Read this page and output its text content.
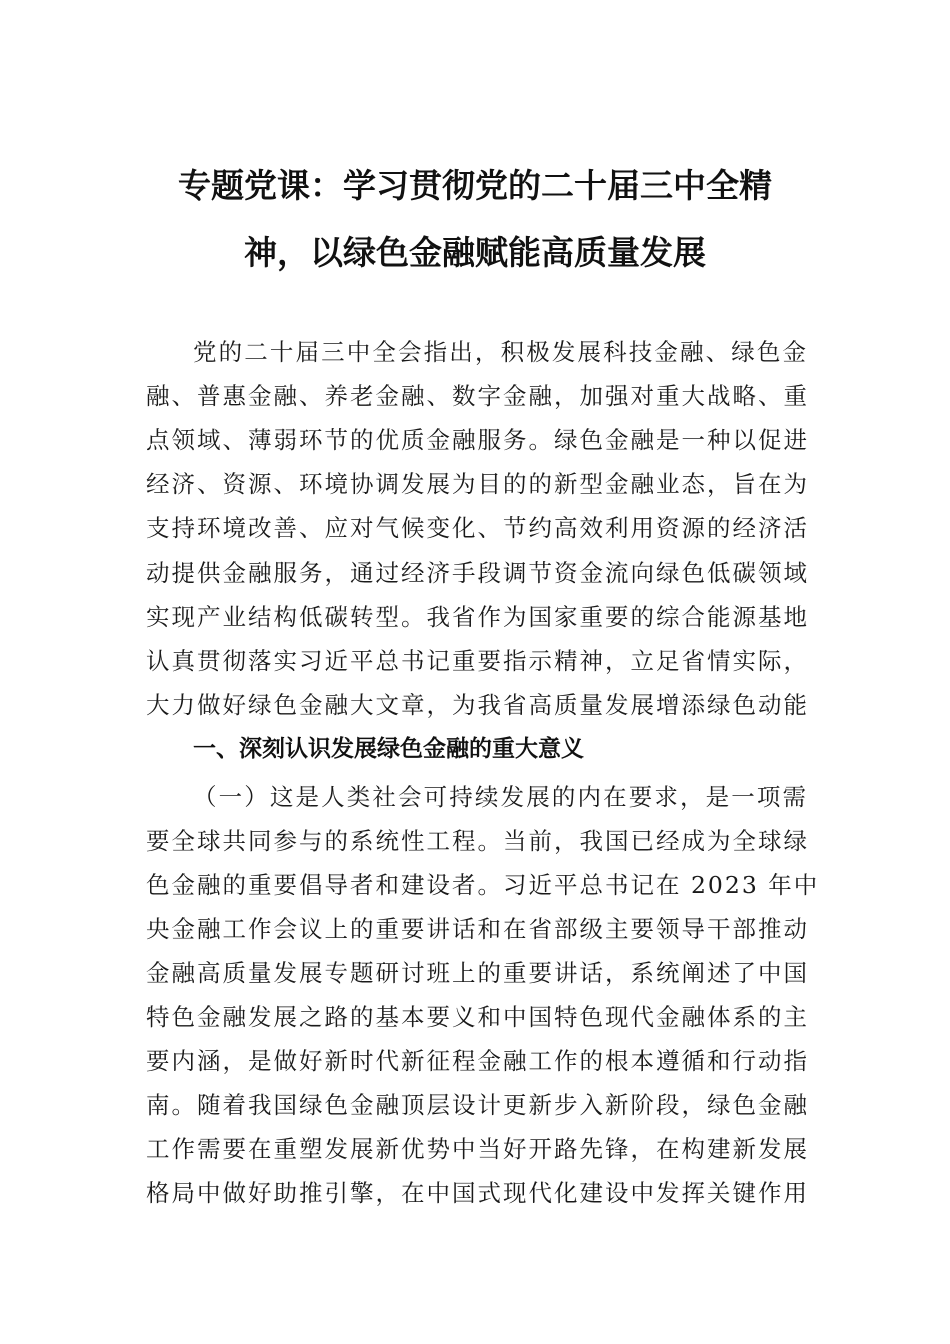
专题党课：学习贯彻党的二十届三中全精
神，以绿色金融赋能高质量发展
党的二十届三中全会指出，积极发展科技金融、绿色金
融、普惠金融、养老金融、数字金融，加强对重大战略、重
点领域、薄弱环节的优质金融服务。绿色金融是一种以促进
经济、资源、环境协调发展为目的的新型金融业态，旨在为
支持环境改善、应对气候变化、节约高效利用资源的经济活
动提供金融服务，通过经济手段调节资金流向绿色低碳领域
实现产业结构低碳转型。我省作为国家重要的综合能源基地
认真贯彻落实习近平总书记重要指示精神，立足省情实际，
大力做好绿色金融大文章，为我省高质量发展增添绿色动能
一、深刻认识发展绿色金融的重大意义
（一）这是人类社会可持续发展的内在要求，是一项需
要全球共同参与的系统性工程。当前，我国已经成为全球绿
色金融的重要倡导者和建设者。习近平总书记在 2023 年中
央金融工作会议上的重要讲话和在省部级主要领导干部推动
金融高质量发展专题研讨班上的重要讲话，系统阐述了中国
特色金融发展之路的基本要义和中国特色现代金融体系的主
要内涵，是做好新时代新征程金融工作的根本遵循和行动指
南。随着我国绿色金融顶层设计更新步入新阶段，绿色金融
工作需要在重塑发展新优势中当好开路先锋，在构建新发展
格局中做好助推引擎，在中国式现代化建设中发挥关键作用
